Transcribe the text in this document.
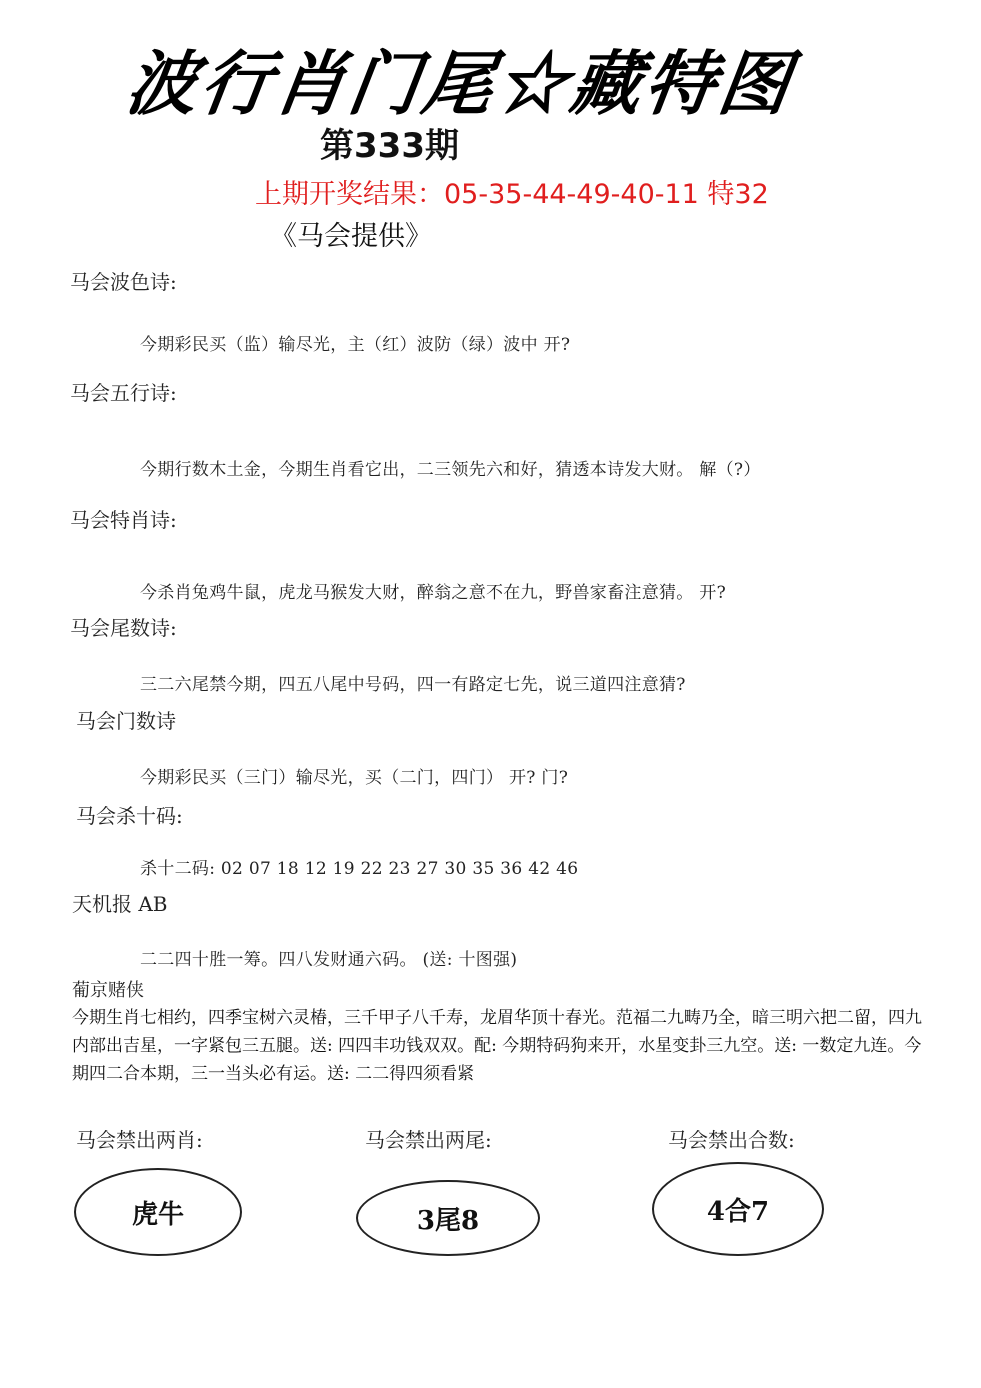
波行肖门尾☆藏特图
第333期
上期开奖结果：05-35-44-49-40-11 特32
《马会提供》
马会波色诗:
今期彩民买（监）输尽光，主（红）波防（绿）波中 开?
马会五行诗:
今期行数木土金，今期生肖看它出，二三领先六和好，猜透本诗发大财。 解（?）
马会特肖诗:
今杀肖兔鸡牛鼠，虎龙马猴发大财，醉翁之意不在九，野兽家畜注意猜。 开?
马会尾数诗:
三二六尾禁今期，四五八尾中号码，四一有路定七先，说三道四注意猜?
马会门数诗
今期彩民买（三门）输尽光，买（二门，四门） 开? 门?
马会杀十码:
杀十二码: 02 07 18 12 19 22 23 27 30 35 36 42 46
天机报 AB
二二四十胜一筹。四八发财通六码。 (送: 十图强)
葡京赌侠
今期生肖七相约，四季宝树六灵椿，三千甲子八千寿，龙眉华顶十春光。范福二九畴乃全，暗三明六把二留，四九内部出吉星，一字紧包三五腿。送: 四四丰功钱双双。配: 今期特码狗来开，水星变卦三九空。送: 一数定九连。今期四二合本期，三一当头必有运。送: 二二得四须看紧
马会禁出两肖:	马会禁出两尾:	马会禁出合数:
虎牛	3尾8	4合7
